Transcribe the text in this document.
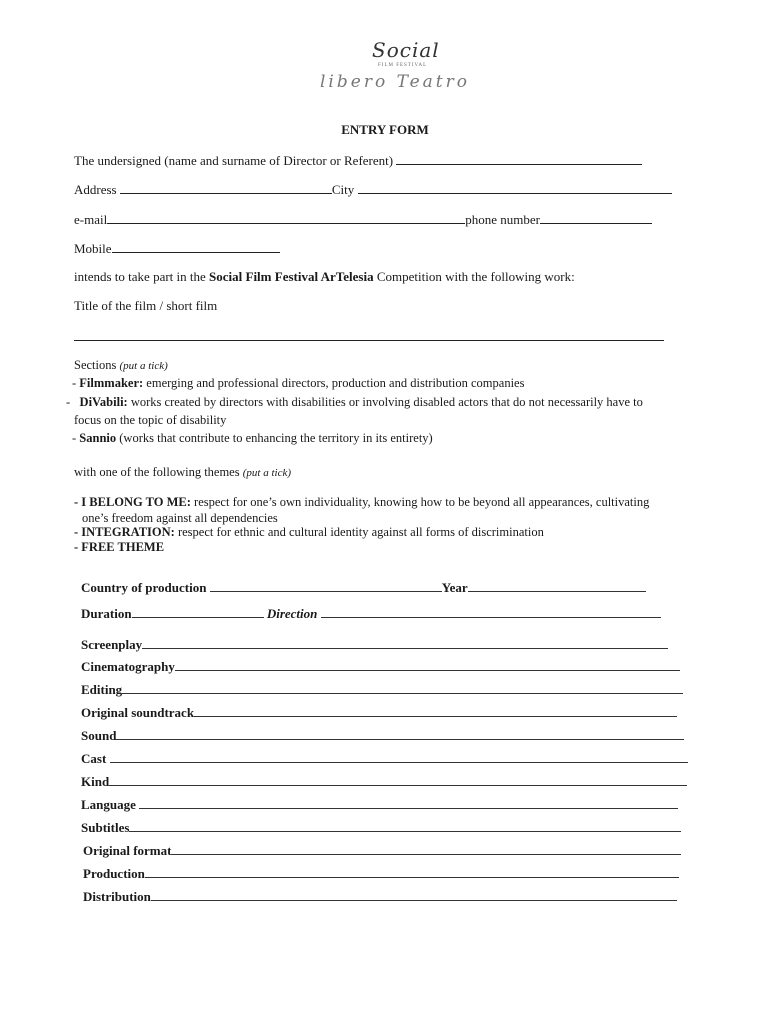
Social
FILM FESTIVAL
libero Teatro
ENTRY FORM
The undersigned (name and surname of Director or Referent)
Address	City
e-mail	phone number
Mobile
intends to take part in the Social Film Festival ArTelesia Competition with the following work:
Title of the film / short film
Sections (put a tick)
- Filmmaker: emerging and professional directors, production and distribution companies
-   DiVabili: works created by directors with disabilities or involving disabled actors that do not necessarily have to
focus on the topic of disability
- Sannio (works that contribute to enhancing the territory in its entirety)
with one of the following themes (put a tick)
- I BELONG TO ME: respect for one’s own individuality, knowing how to be beyond all appearances, cultivating
one’s freedom against all dependencies
- INTEGRATION: respect for ethnic and cultural identity against all forms of discrimination
- FREE THEME
Country of production	Year
Duration	Direction
Screenplay
Cinematography
Editing
Original soundtrack
Sound
Cast
Kind
Language
Subtitles
Original format
Production
Distribution
